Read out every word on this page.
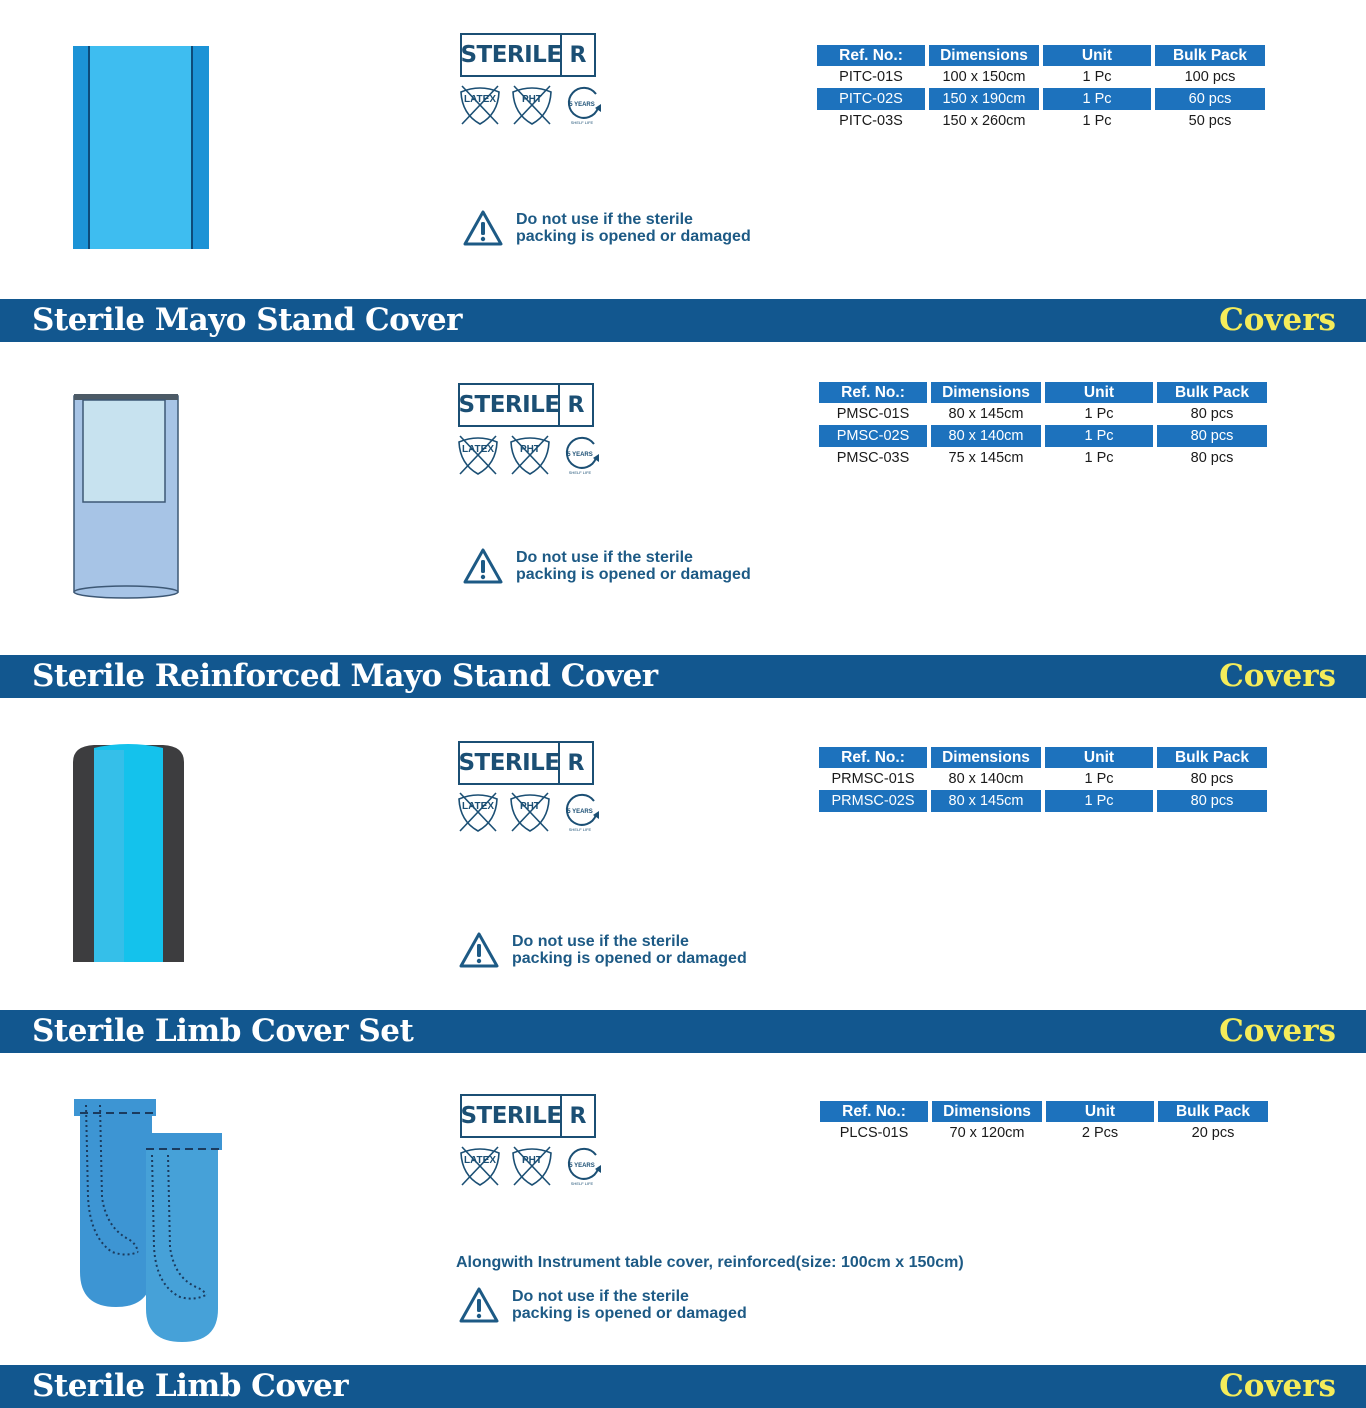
STERILE R
LATEX	PHT	5 YEARS
SHELF LIFE
Do not use if the sterile
packing is opened or damaged
Ref. No.:	Dimensions	Unit	Bulk Pack
PITC-01S	100 x 150cm	1 Pc	100 pcs
PITC-02S	150 x 190cm	1 Pc	60 pcs
PITC-03S	150 x 260cm	1 Pc	50 pcs
Sterile Mayo Stand Cover	Covers
STERILE R
LATEX	PHT	5 YEARS
SHELF LIFE
Do not use if the sterile
packing is opened or damaged
Ref. No.:	Dimensions	Unit	Bulk Pack
PMSC-01S	80 x 145cm	1 Pc	80 pcs
PMSC-02S	80 x 140cm	1 Pc	80 pcs
PMSC-03S	75 x 145cm	1 Pc	80 pcs
Sterile Reinforced Mayo Stand Cover	Covers
STERILE R
LATEX	PHT	5 YEARS
SHELF LIFE
Do not use if the sterile
packing is opened or damaged
Ref. No.:	Dimensions	Unit	Bulk Pack
PRMSC-01S	80 x 140cm	1 Pc	80 pcs
PRMSC-02S	80 x 145cm	1 Pc	80 pcs
Sterile Limb Cover Set	Covers
STERILE R
LATEX	PHT	5 YEARS
SHELF LIFE
Alongwith Instrument table cover, reinforced(size: 100cm x 150cm)
Do not use if the sterile
packing is opened or damaged
Ref. No.:	Dimensions	Unit	Bulk Pack
PLCS-01S	70 x 120cm	2 Pcs	20 pcs
Sterile Limb Cover	Covers
